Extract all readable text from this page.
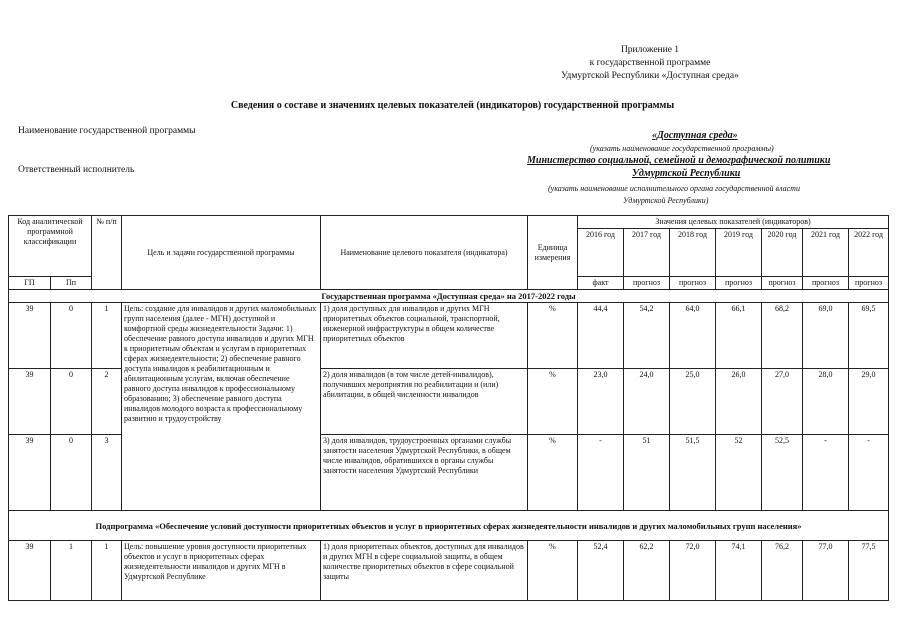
Приложение 1
к государственной программе
Удмуртской Республики «Доступная среда»
Сведения о составе и значениях целевых показателей (индикаторов) государственной программы
Наименование государственной программы	«Доступная среда»
(указать наименование государственной программы)
Ответственный исполнитель
Министерство социальной, семейной и демографической политики
Удмуртской Республики
(указать наименование исполнительного органа государственной власти
Удмуртской Республики)
Код аналитической программной классификации		№ п/п	Цель и задачи государственной программы	Наименование целевого показателя (индикатора)	Единица измерения	Значения целевых показателей (индикаторов)						
						2016 год	2017 год	2018 год	2019 год	2020 год	2021 год	2022 год
ГП	Пп					факт	прогноз	прогноз	прогноз	прогноз	прогноз	прогноз
Государственная программа «Доступная среда» на 2017-2022 годы												
39	0	1	Цель: создание для инвалидов и других маломобильных групп населения (далее - МГН) доступной и комфортной среды жизнедеятельности Задачи: 1) обеспечение равного доступа инвалидов и других МГН к приоритетным объектам и услугам в приоритетных сферах жизнедеятельности; 2) обеспечение равного доступа инвалидов к реабилитационным и абилитационным услугам, включая обеспечение равного доступа инвалидов к профессиональному образованию; 3) обеспечение равного доступа инвалидов молодого возраста к профессиональному развитию и трудоустройству	1) доля доступных для инвалидов и других МГН приоритетных объектов социальной, транспортной, инженерной инфраструктуры в общем количестве приоритетных объектов	%	44,4	54,2	64,0	66,1	68,2	69,0	69,5
39	0	2		2) доля инвалидов (в том числе детей-инвалидов), получивших мероприятия по реабилитации и (или) абилитации, в общей численности инвалидов	%	23,0	24,0	25,0	26,0	27,0	28,0	29,0
39	0	3		3) доля инвалидов, трудоустроенных органами службы занятости населения Удмуртской Республики, в общем числе инвалидов, обратившихся в органы службы занятости населения Удмуртской Республики	%	-	51	51,5	52	52,5	-	-
Подпрограмма «Обеспечение условий доступности приоритетных объектов и услуг в приоритетных сферах жизнедеятельности инвалидов и других маломобильных групп населения»												
39	1	1	Цель: повышение уровня доступности приоритетных объектов и услуг в приоритетных сферах жизнедеятельности инвалидов и других МГН в Удмуртской Республике	1) доля приоритетных объектов, доступных для инвалидов и других МГН в сфере социальной защиты, в общем количестве приоритетных объектов в сфере социальной защиты	%	52,4	62,2	72,0	74,1	76,2	77,0	77,5
